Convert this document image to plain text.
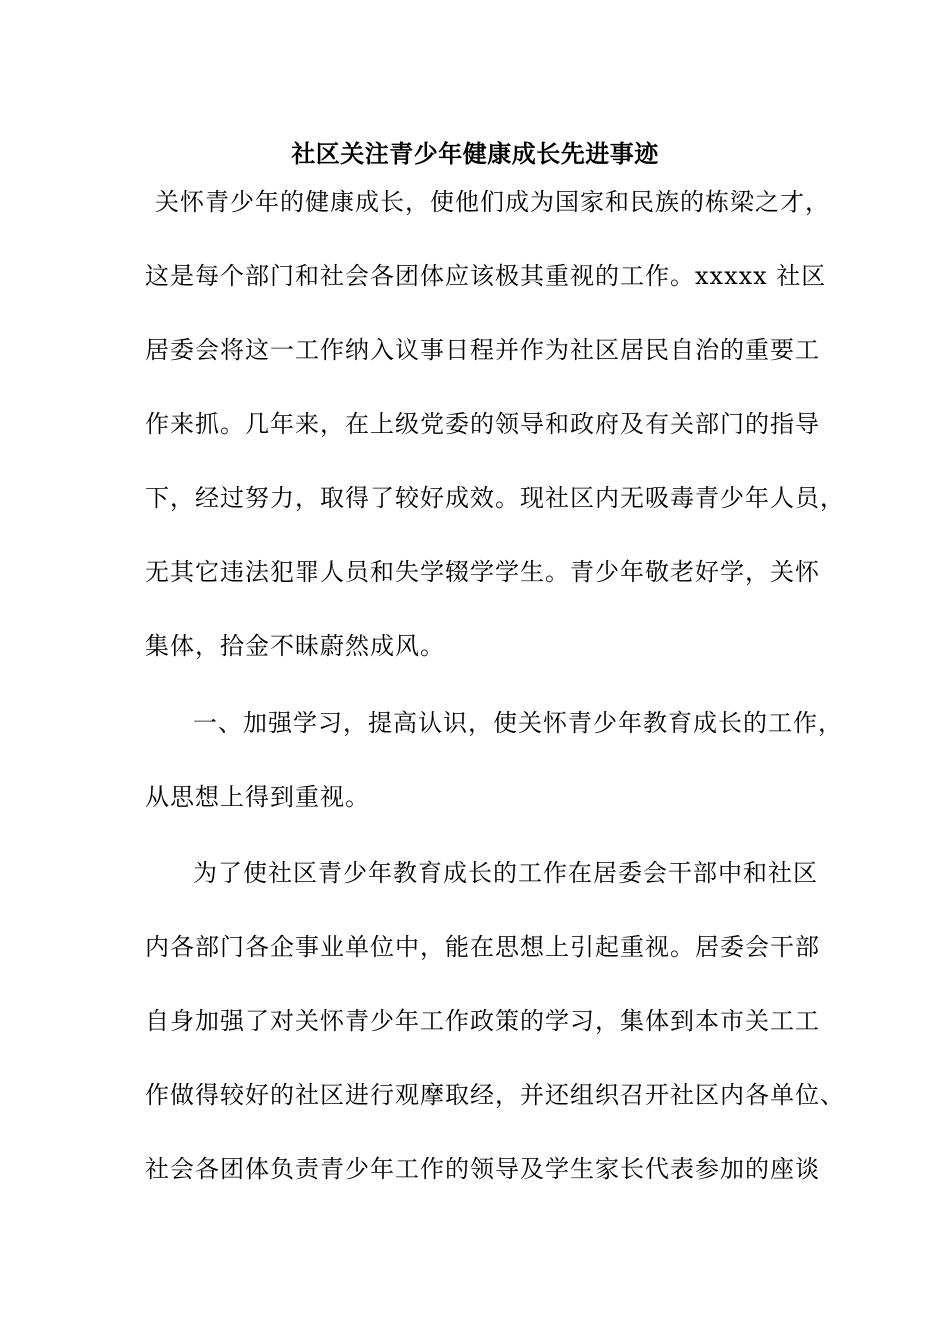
社区关注青少年健康成长先进事迹
关怀青少年的健康成长，使他们成为国家和民族的栋梁之才，
这是每个部门和社会各团体应该极其重视的工作。xxxxx 社区
居委会将这一工作纳入议事日程并作为社区居民自治的重要工
作来抓。几年来，在上级党委的领导和政府及有关部门的指导
下，经过努力，取得了较好成效。现社区内无吸毒青少年人员，
无其它违法犯罪人员和失学辍学学生。青少年敬老好学，关怀
集体，拾金不昧蔚然成风。
一、加强学习，提高认识，使关怀青少年教育成长的工作，
从思想上得到重视。
为了使社区青少年教育成长的工作在居委会干部中和社区
内各部门各企事业单位中，能在思想上引起重视。居委会干部
自身加强了对关怀青少年工作政策的学习，集体到本市关工工
作做得较好的社区进行观摩取经，并还组织召开社区内各单位、
社会各团体负责青少年工作的领导及学生家长代表参加的座谈
